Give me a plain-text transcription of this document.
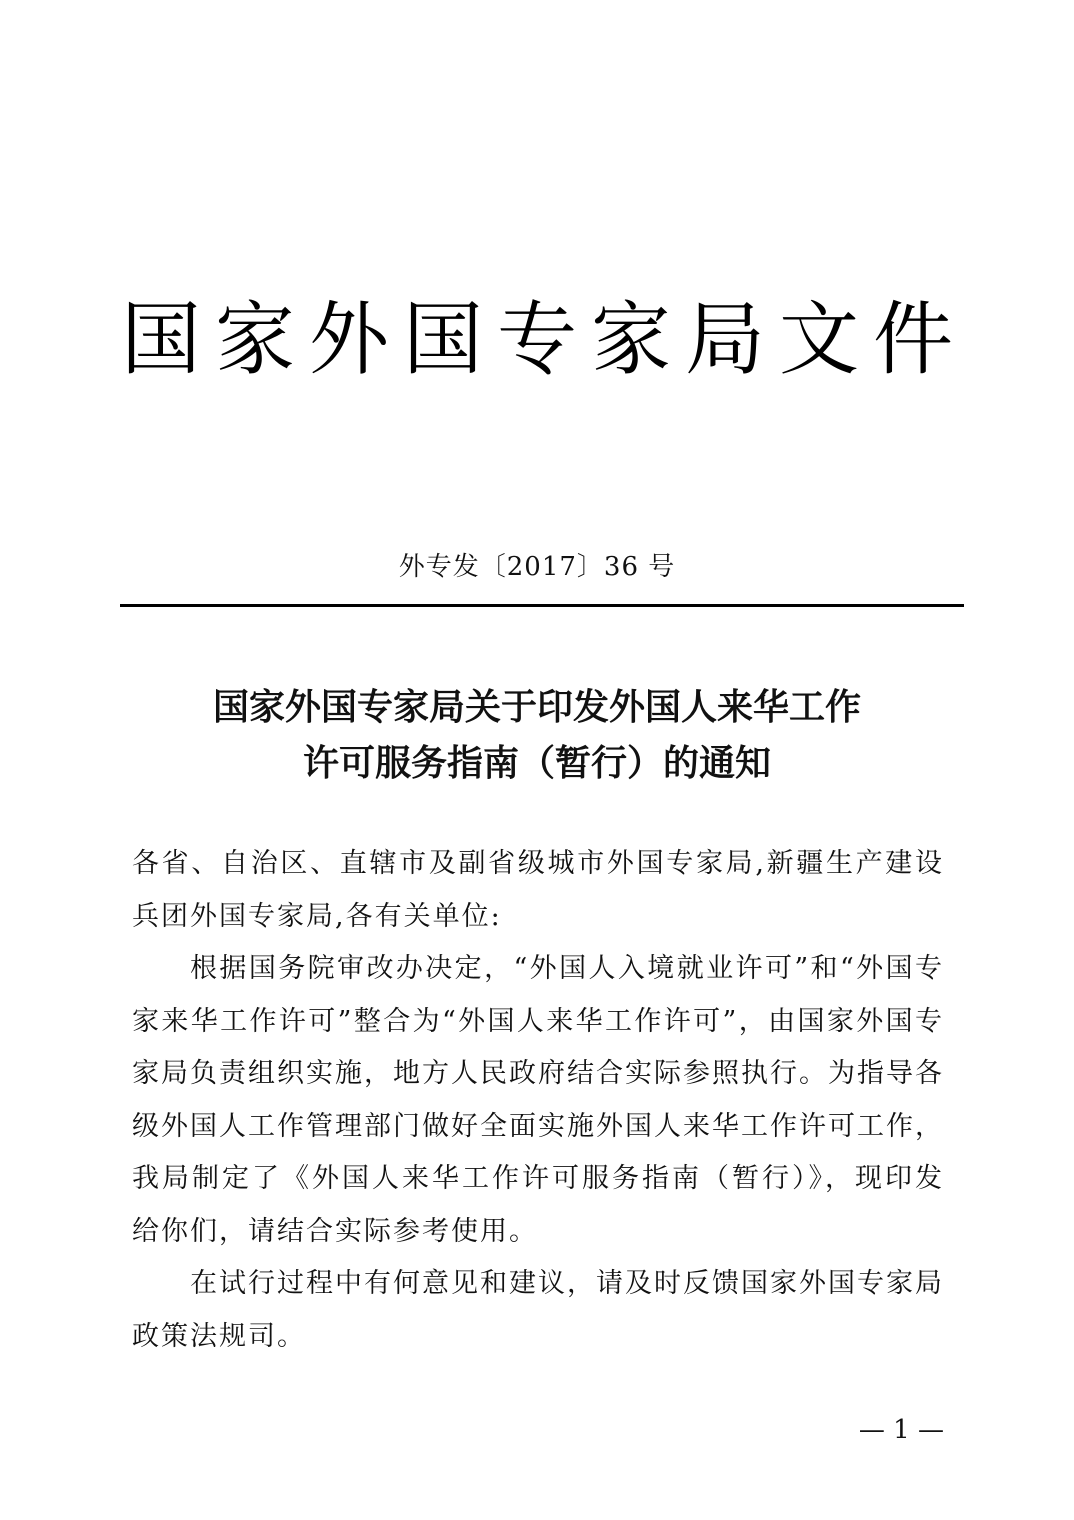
国家外国专家局文件
外专发〔2017〕36 号
国家外国专家局关于印发外国人来华工作
许可服务指南（暂行）的通知

各省、自治区、直辖市及副省级城市外国专家局,新疆生产建设兵团外国专家局,各有关单位:

根据国务院审改办决定，“外国人入境就业许可”和“外国专家来华工作许可”整合为“外国人来华工作许可”，由国家外国专家局负责组织实施，地方人民政府结合实际参照执行。为指导各级外国人工作管理部门做好全面实施外国人来华工作许可工作，我局制定了《外国人来华工作许可服务指南（暂行）》，现印发给你们，请结合实际参考使用。

在试行过程中有何意见和建议，请及时反馈国家外国专家局政策法规司。

— 1 —
